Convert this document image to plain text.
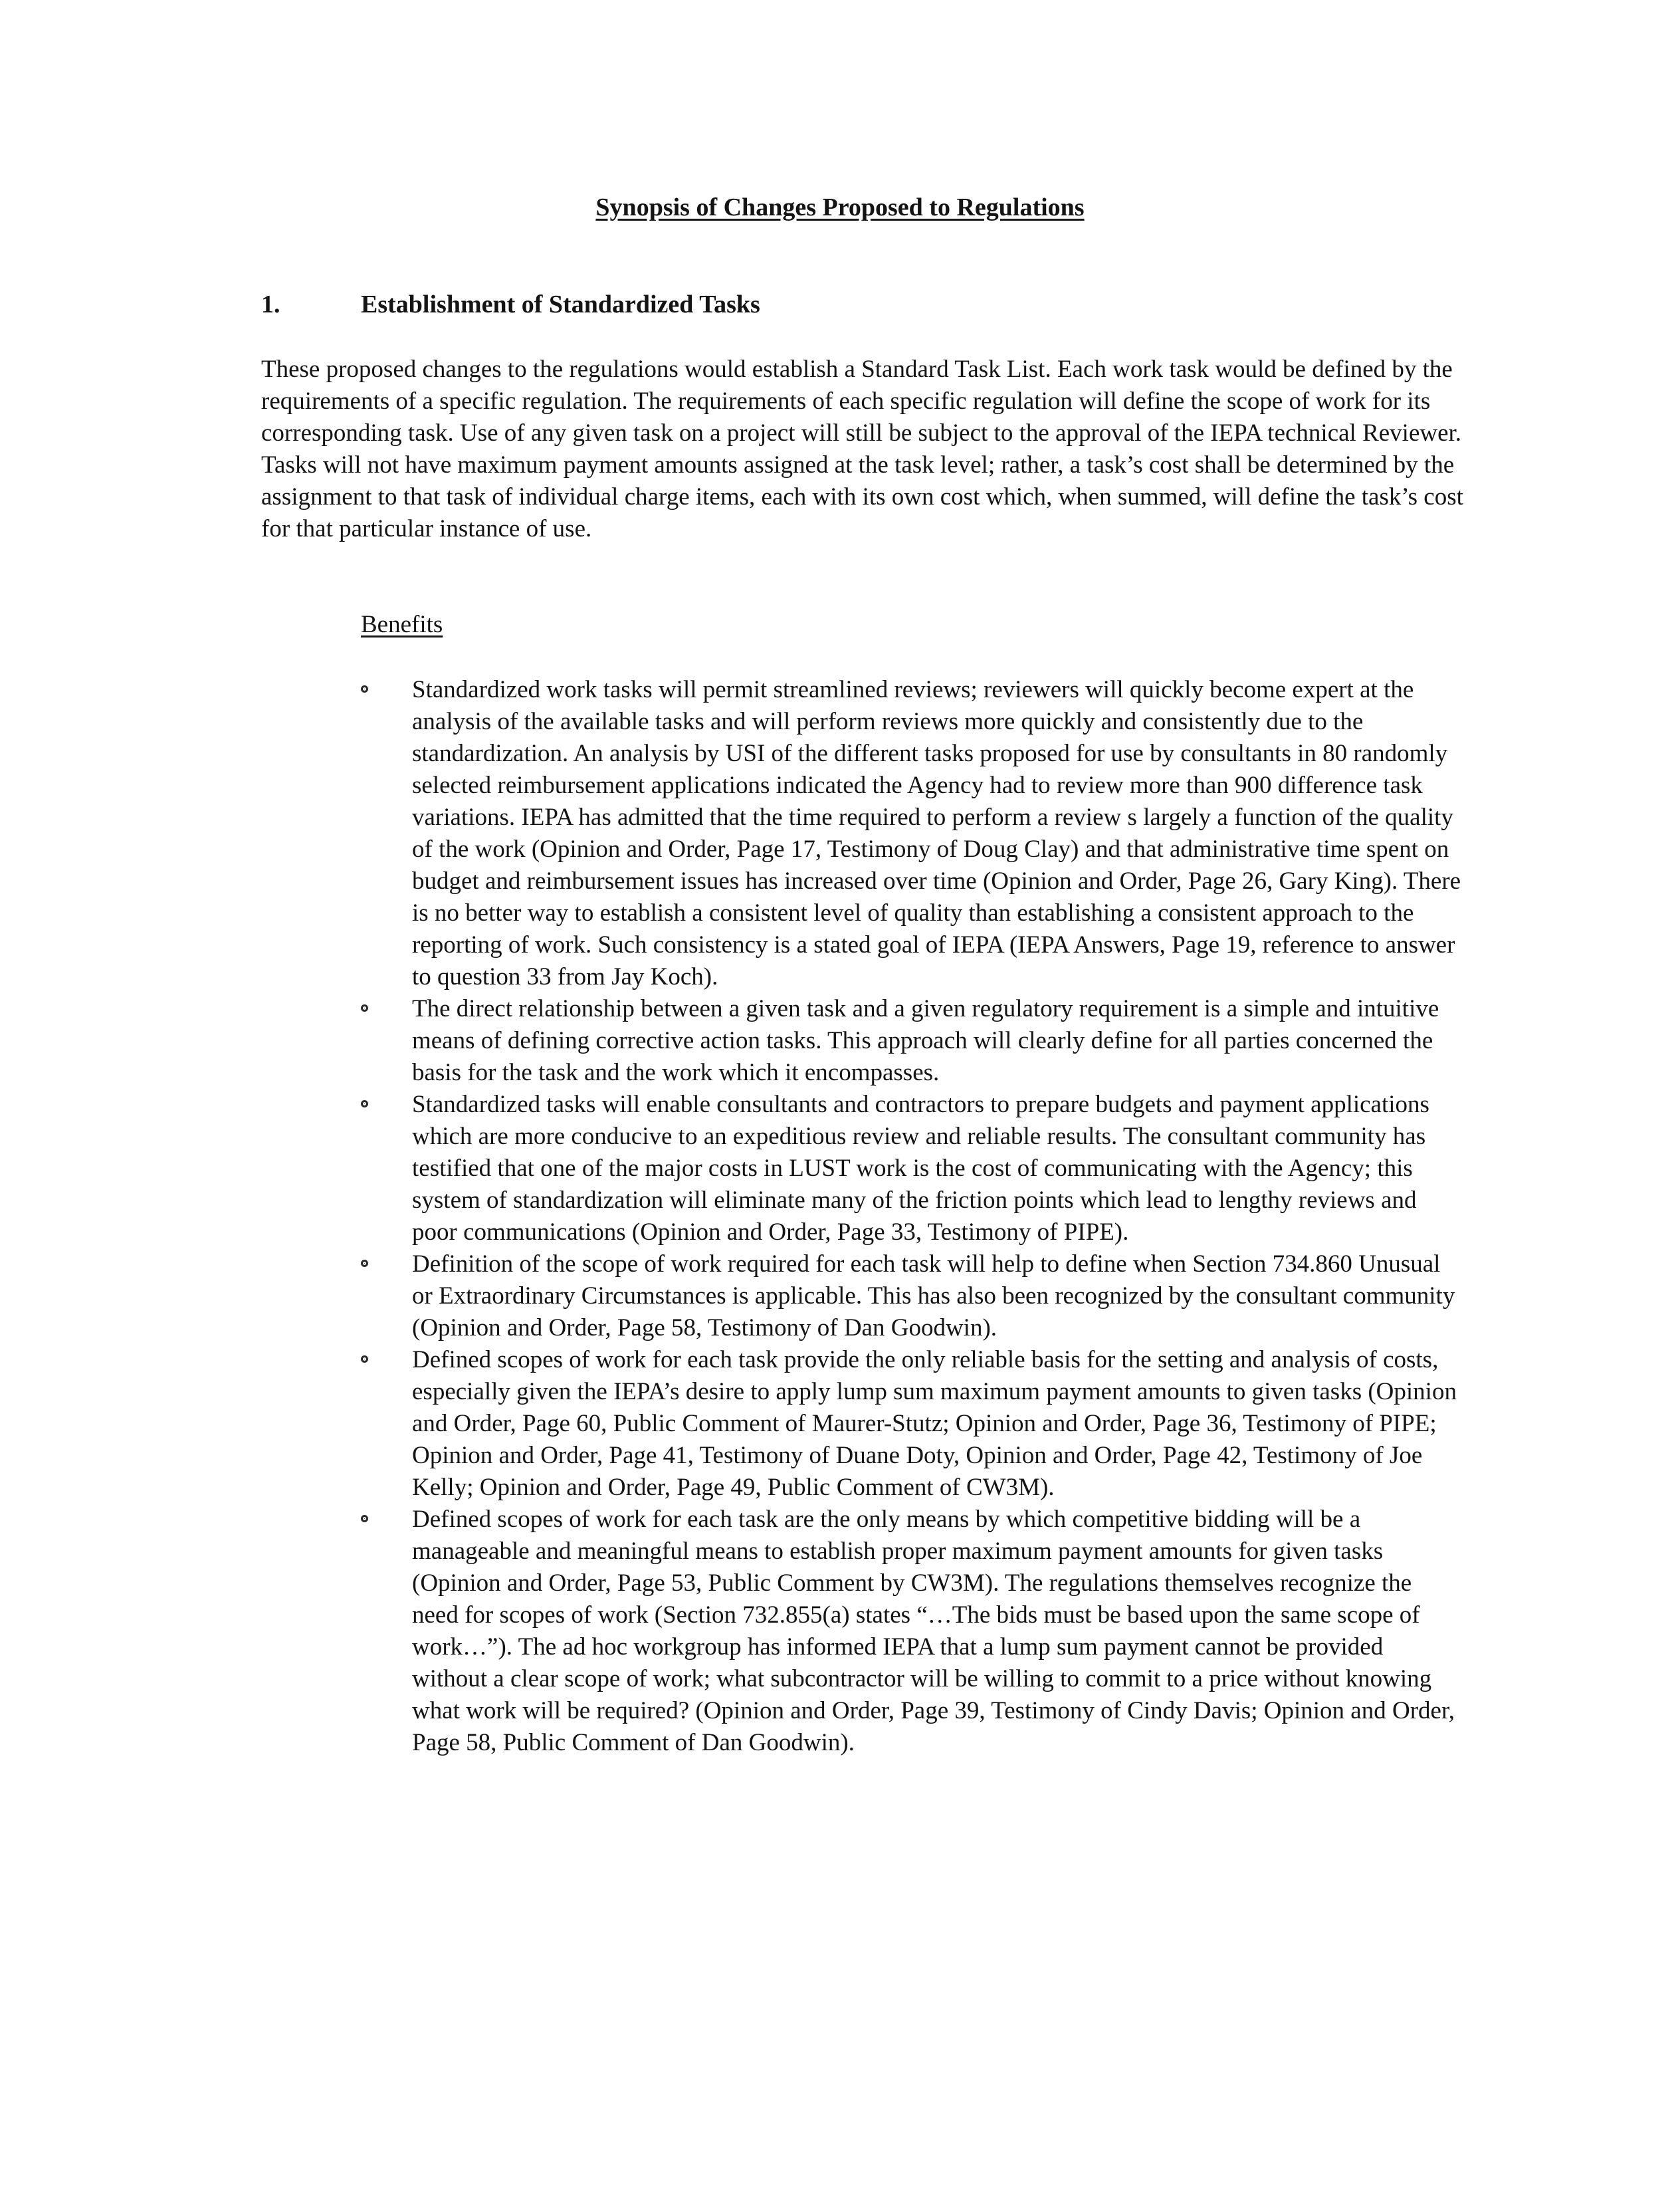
Synopsis of Changes Proposed to Regulations
1.	Establishment of Standardized Tasks

These proposed changes to the regulations would establish a Standard Task List. Each work task would be defined by the requirements of a specific regulation. The requirements of each specific regulation will define the scope of work for its corresponding task. Use of any given task on a project will still be subject to the approval of the IEPA technical Reviewer. Tasks will not have maximum payment amounts assigned at the task level; rather, a task’s cost shall be determined by the assignment to that task of individual charge items, each with its own cost which, when summed, will define the task’s cost for that particular instance of use.

Benefits
Standardized work tasks will permit streamlined reviews; reviewers will quickly become expert at the analysis of the available tasks and will perform reviews more quickly and consistently due to the standardization. An analysis by USI of the different tasks proposed for use by consultants in 80 randomly selected reimbursement applications indicated the Agency had to review more than 900 difference task variations. IEPA has admitted that the time required to perform a review s largely a function of the quality of the work (Opinion and Order, Page 17, Testimony of Doug Clay) and that administrative time spent on budget and reimbursement issues has increased over time (Opinion and Order, Page 26, Gary King). There is no better way to establish a consistent level of quality than establishing a consistent approach to the reporting of work. Such consistency is a stated goal of IEPA (IEPA Answers, Page 19, reference to answer to question 33 from Jay Koch).
The direct relationship between a given task and a given regulatory requirement is a simple and intuitive means of defining corrective action tasks. This approach will clearly define for all parties concerned the basis for the task and the work which it encompasses.
Standardized tasks will enable consultants and contractors to prepare budgets and payment applications which are more conducive to an expeditious review and reliable results. The consultant community has testified that one of the major costs in LUST work is the cost of communicating with the Agency; this system of standardization will eliminate many of the friction points which lead to lengthy reviews and poor communications (Opinion and Order, Page 33, Testimony of PIPE).
Definition of the scope of work required for each task will help to define when Section 734.860 Unusual or Extraordinary Circumstances is applicable. This has also been recognized by the consultant community (Opinion and Order, Page 58, Testimony of Dan Goodwin).
Defined scopes of work for each task provide the only reliable basis for the setting and analysis of costs, especially given the IEPA’s desire to apply lump sum maximum payment amounts to given tasks (Opinion and Order, Page 60, Public Comment of Maurer-Stutz; Opinion and Order, Page 36, Testimony of PIPE; Opinion and Order, Page 41, Testimony of Duane Doty, Opinion and Order, Page 42, Testimony of Joe Kelly; Opinion and Order, Page 49, Public Comment of CW3M).
Defined scopes of work for each task are the only means by which competitive bidding will be a manageable and meaningful means to establish proper maximum payment amounts for given tasks (Opinion and Order, Page 53, Public Comment by CW3M). The regulations themselves recognize the need for scopes of work (Section 732.855(a) states “…The bids must be based upon the same scope of work…”). The ad hoc workgroup has informed IEPA that a lump sum payment cannot be provided without a clear scope of work; what subcontractor will be willing to commit to a price without knowing what work will be required? (Opinion and Order, Page 39, Testimony of Cindy Davis; Opinion and Order, Page 58, Public Comment of Dan Goodwin).
